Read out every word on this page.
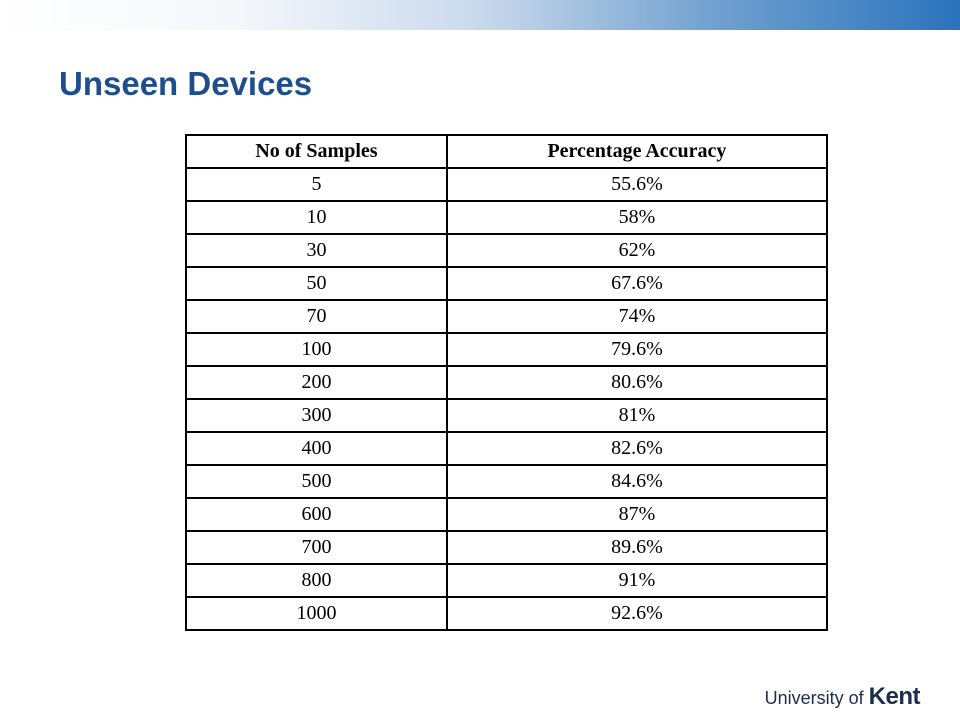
Unseen Devices
No of Samples	Percentage Accuracy
5	55.6%
10	58%
30	62%
50	67.6%
70	74%
100	79.6%
200	80.6%
300	81%
400	82.6%
500	84.6%
600	87%
700	89.6%
800	91%
1000	92.6%
University of Kent
